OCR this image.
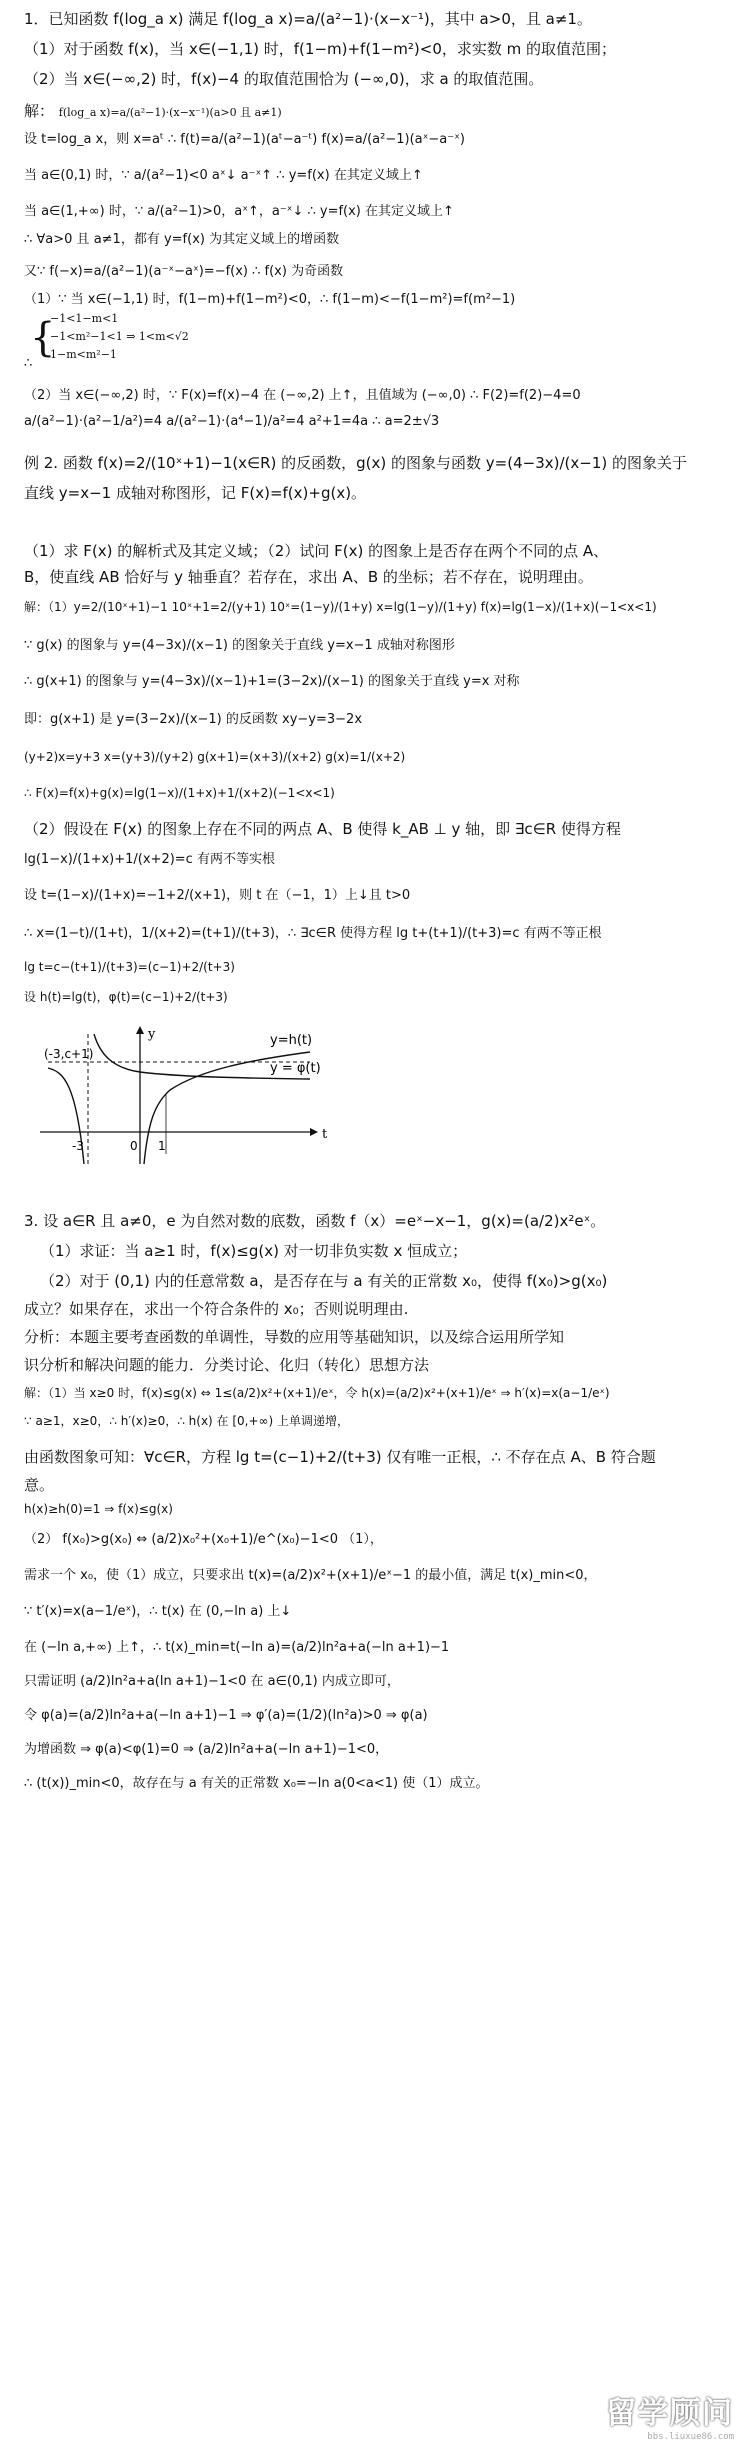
1．已知函数 f(log_a x) 满足 f(log_a x)=a/(a²−1)·(x−x⁻¹)，其中 a>0，且 a≠1。
（1）对于函数 f(x)，当 x∈(−1,1) 时，f(1−m)+f(1−m²)<0，求实数 m 的取值范围；
（2）当 x∈(−∞,2) 时，f(x)−4 的取值范围恰为 (−∞,0)，求 a 的取值范围。
解： f(log_a x)=a/(a²−1)·(x−x⁻¹)(a>0 且 a≠1)
设 t=log_a x，则 x=aᵗ ∴ f(t)=a/(a²−1)(aᵗ−a⁻ᵗ) f(x)=a/(a²−1)(aˣ−a⁻ˣ)
当 a∈(0,1) 时，∵ a/(a²−1)<0 aˣ↓ a⁻ˣ↑ ∴ y=f(x) 在其定义域上↑
当 a∈(1,+∞) 时，∵ a/(a²−1)>0，aˣ↑，a⁻ˣ↓ ∴ y=f(x) 在其定义域上↑
∴ ∀a>0 且 a≠1，都有 y=f(x) 为其定义域上的增函数
又∵ f(−x)=a/(a²−1)(a⁻ˣ−aˣ)=−f(x) ∴ f(x) 为奇函数
（1）∵ 当 x∈(−1,1) 时，f(1−m)+f(1−m²)<0，∴ f(1−m)<−f(1−m²)=f(m²−1)
{
−1<1−m<1
−1<m²−1<1 ⇒ 1<m<√2
1−m<m²−1
∴
（2）当 x∈(−∞,2) 时，∵ F(x)=f(x)−4 在 (−∞,2) 上↑，且值域为 (−∞,0) ∴ F(2)=f(2)−4=0
a/(a²−1)·(a²−1/a²)=4 a/(a²−1)·(a⁴−1)/a²=4 a²+1=4a ∴ a=2±√3
例 2. 函数 f(x)=2/(10ˣ+1)−1(x∈R) 的反函数，g(x) 的图象与函数 y=(4−3x)/(x−1) 的图象关于
直线 y=x−1 成轴对称图形，记 F(x)=f(x)+g(x)。
（1）求 F(x) 的解析式及其定义域；（2）试问 F(x) 的图象上是否存在两个不同的点 A、
B，使直线 AB 恰好与 y 轴垂直？若存在，求出 A、B 的坐标；若不存在，说明理由。
解：（1）y=2/(10ˣ+1)−1 10ˣ+1=2/(y+1) 10ˣ=(1−y)/(1+y) x=lg(1−y)/(1+y) f(x)=lg(1−x)/(1+x)(−1<x<1)
∵ g(x) 的图象与 y=(4−3x)/(x−1) 的图象关于直线 y=x−1 成轴对称图形
∴ g(x+1) 的图象与 y=(4−3x)/(x−1)+1=(3−2x)/(x−1) 的图象关于直线 y=x 对称
即：g(x+1) 是 y=(3−2x)/(x−1) 的反函数 xy−y=3−2x
(y+2)x=y+3 x=(y+3)/(y+2) g(x+1)=(x+3)/(x+2) g(x)=1/(x+2)
∴ F(x)=f(x)+g(x)=lg(1−x)/(1+x)+1/(x+2)(−1<x<1)
（2）假设在 F(x) 的图象上存在不同的两点 A、B 使得 k_AB ⊥ y 轴，即 ∃c∈R 使得方程
lg(1−x)/(1+x)+1/(x+2)=c 有两不等实根
设 t=(1−x)/(1+x)=−1+2/(x+1)，则 t 在（−1，1）上↓且 t>0
∴ x=(1−t)/(1+t)，1/(x+2)=(t+1)/(t+3)，∴ ∃c∈R 使得方程 lg t+(t+1)/(t+3)=c 有两不等正根
lg t=c−(t+1)/(t+3)=(c−1)+2/(t+3)
设 h(t)=lg(t)，φ(t)=(c−1)+2/(t+3)
由函数图象可知：∀c∈R，方程 lg t=(c−1)+2/(t+3) 仅有唯一正根，∴ 不存在点 A、B 符合题
意。
(-3,c+1)
y
t
y=h(t)
y = φ(t)
-3	0 1
3. 设 a∈R 且 a≠0，e 为自然对数的底数，函数 f（x）=eˣ−x−1，g(x)=(a/2)x²eˣ。
（1）求证：当 a≥1 时，f(x)≤g(x) 对一切非负实数 x 恒成立；
（2）对于 (0,1) 内的任意常数 a，是否存在与 a 有关的正常数 x₀，使得 f(x₀)>g(x₀)
成立？如果存在，求出一个符合条件的 x₀；否则说明理由.
分析：本题主要考查函数的单调性，导数的应用等基础知识，以及综合运用所学知
识分析和解决问题的能力．分类讨论、化归（转化）思想方法
解：（1）当 x≥0 时，f(x)≤g(x) ⇔ 1≤(a/2)x²+(x+1)/eˣ，令 h(x)=(a/2)x²+(x+1)/eˣ ⇒ h′(x)=x(a−1/eˣ)
∵ a≥1，x≥0，∴ h′(x)≥0，∴ h(x) 在 [0,+∞) 上单调递增，
h(x)≥h(0)=1 ⇒ f(x)≤g(x)
（2） f(x₀)>g(x₀) ⇔ (a/2)x₀²+(x₀+1)/e^(x₀)−1<0 （1），
需求一个 x₀，使（1）成立，只要求出 t(x)=(a/2)x²+(x+1)/eˣ−1 的最小值，满足 t(x)_min<0，
∵ t′(x)=x(a−1/eˣ)，∴ t(x) 在 (0,−ln a) 上↓
在 (−ln a,+∞) 上↑，∴ t(x)_min=t(−ln a)=(a/2)ln²a+a(−ln a+1)−1
只需证明 (a/2)ln²a+a(ln a+1)−1<0 在 a∈(0,1) 内成立即可，
令 φ(a)=(a/2)ln²a+a(−ln a+1)−1 ⇒ φ′(a)=(1/2)(ln²a)>0 ⇒ φ(a)
为增函数 ⇒ φ(a)<φ(1)=0 ⇒ (a/2)ln²a+a(−ln a+1)−1<0，
∴ (t(x))_min<0，故存在与 a 有关的正常数 x₀=−ln a(0<a<1) 使（1）成立。
留学顾问
bbs.liuxue86.com
